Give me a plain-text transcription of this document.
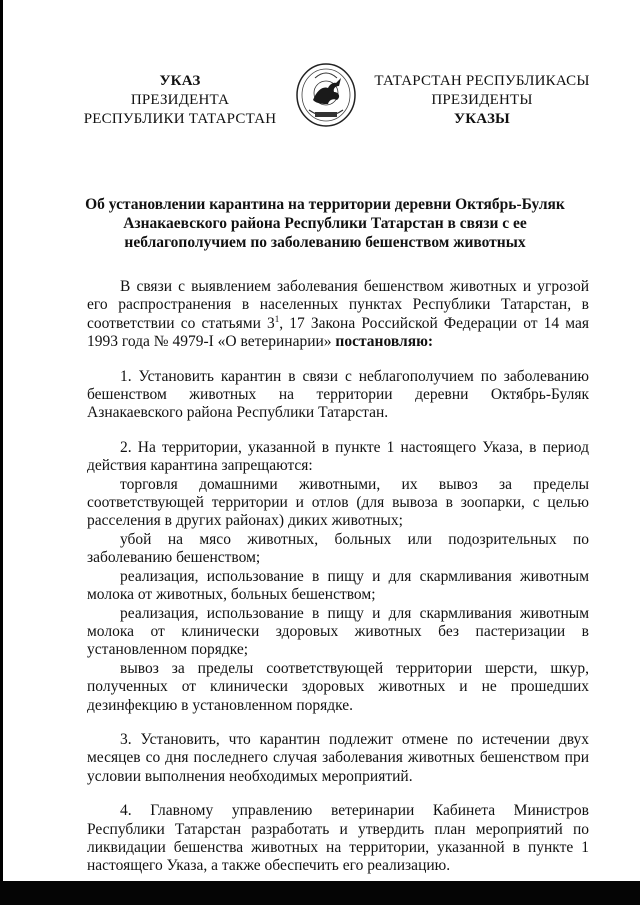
УКАЗ
ПРЕЗИДЕНТА
РЕСПУБЛИКИ ТАТАРСТАН
ТАТАРСТАН РЕСПУБЛИКАСЫ
ПРЕЗИДЕНТЫ
УКАЗЫ
Об установлении карантина на территории деревни Октябрь-Буляк
Азнакаевского района Республики Татарстан в связи с ее
неблагополучием по заболеванию бешенством животных

В связи с выявлением заболевания бешенством животных и угрозой его распространения в населенных пунктах Республики Татарстан, в соответствии со статьями $3^1$, 17 Закона Российской Федерации от 14 мая 1993 года № 4979-I «О ветеринарии» постановляю:

1. Установить карантин в связи с неблагополучием по заболеванию бешенством животных на территории деревни Октябрь-Буляк Азнакаевского района Республики Татарстан.

2. На территории, указанной в пункте 1 настоящего Указа, в период действия карантина запрещаются:

торговля домашними животными, их вывоз за пределы соответствующей территории и отлов (для вывоза в зоопарки, с целью расселения в других районах) диких животных;

убой на мясо животных, больных или подозрительных по заболеванию бешенством;

реализация, использование в пищу и для скармливания животным молока от животных, больных бешенством;

реализация, использование в пищу и для скармливания животным молока от клинически здоровых животных без пастеризации в установленном порядке;

вывоз за пределы соответствующей территории шерсти, шкур, полученных от клинически здоровых животных и не прошедших дезинфекцию в установленном порядке.

3. Установить, что карантин подлежит отмене по истечении двух месяцев со дня последнего случая заболевания животных бешенством при условии выполнения необходимых мероприятий.

4. Главному управлению ветеринарии Кабинета Министров Республики Татарстан разработать и утвердить план мероприятий по ликвидации бешенства животных на территории, указанной в пункте 1 настоящего Указа, а также обеспечить его реализацию.
